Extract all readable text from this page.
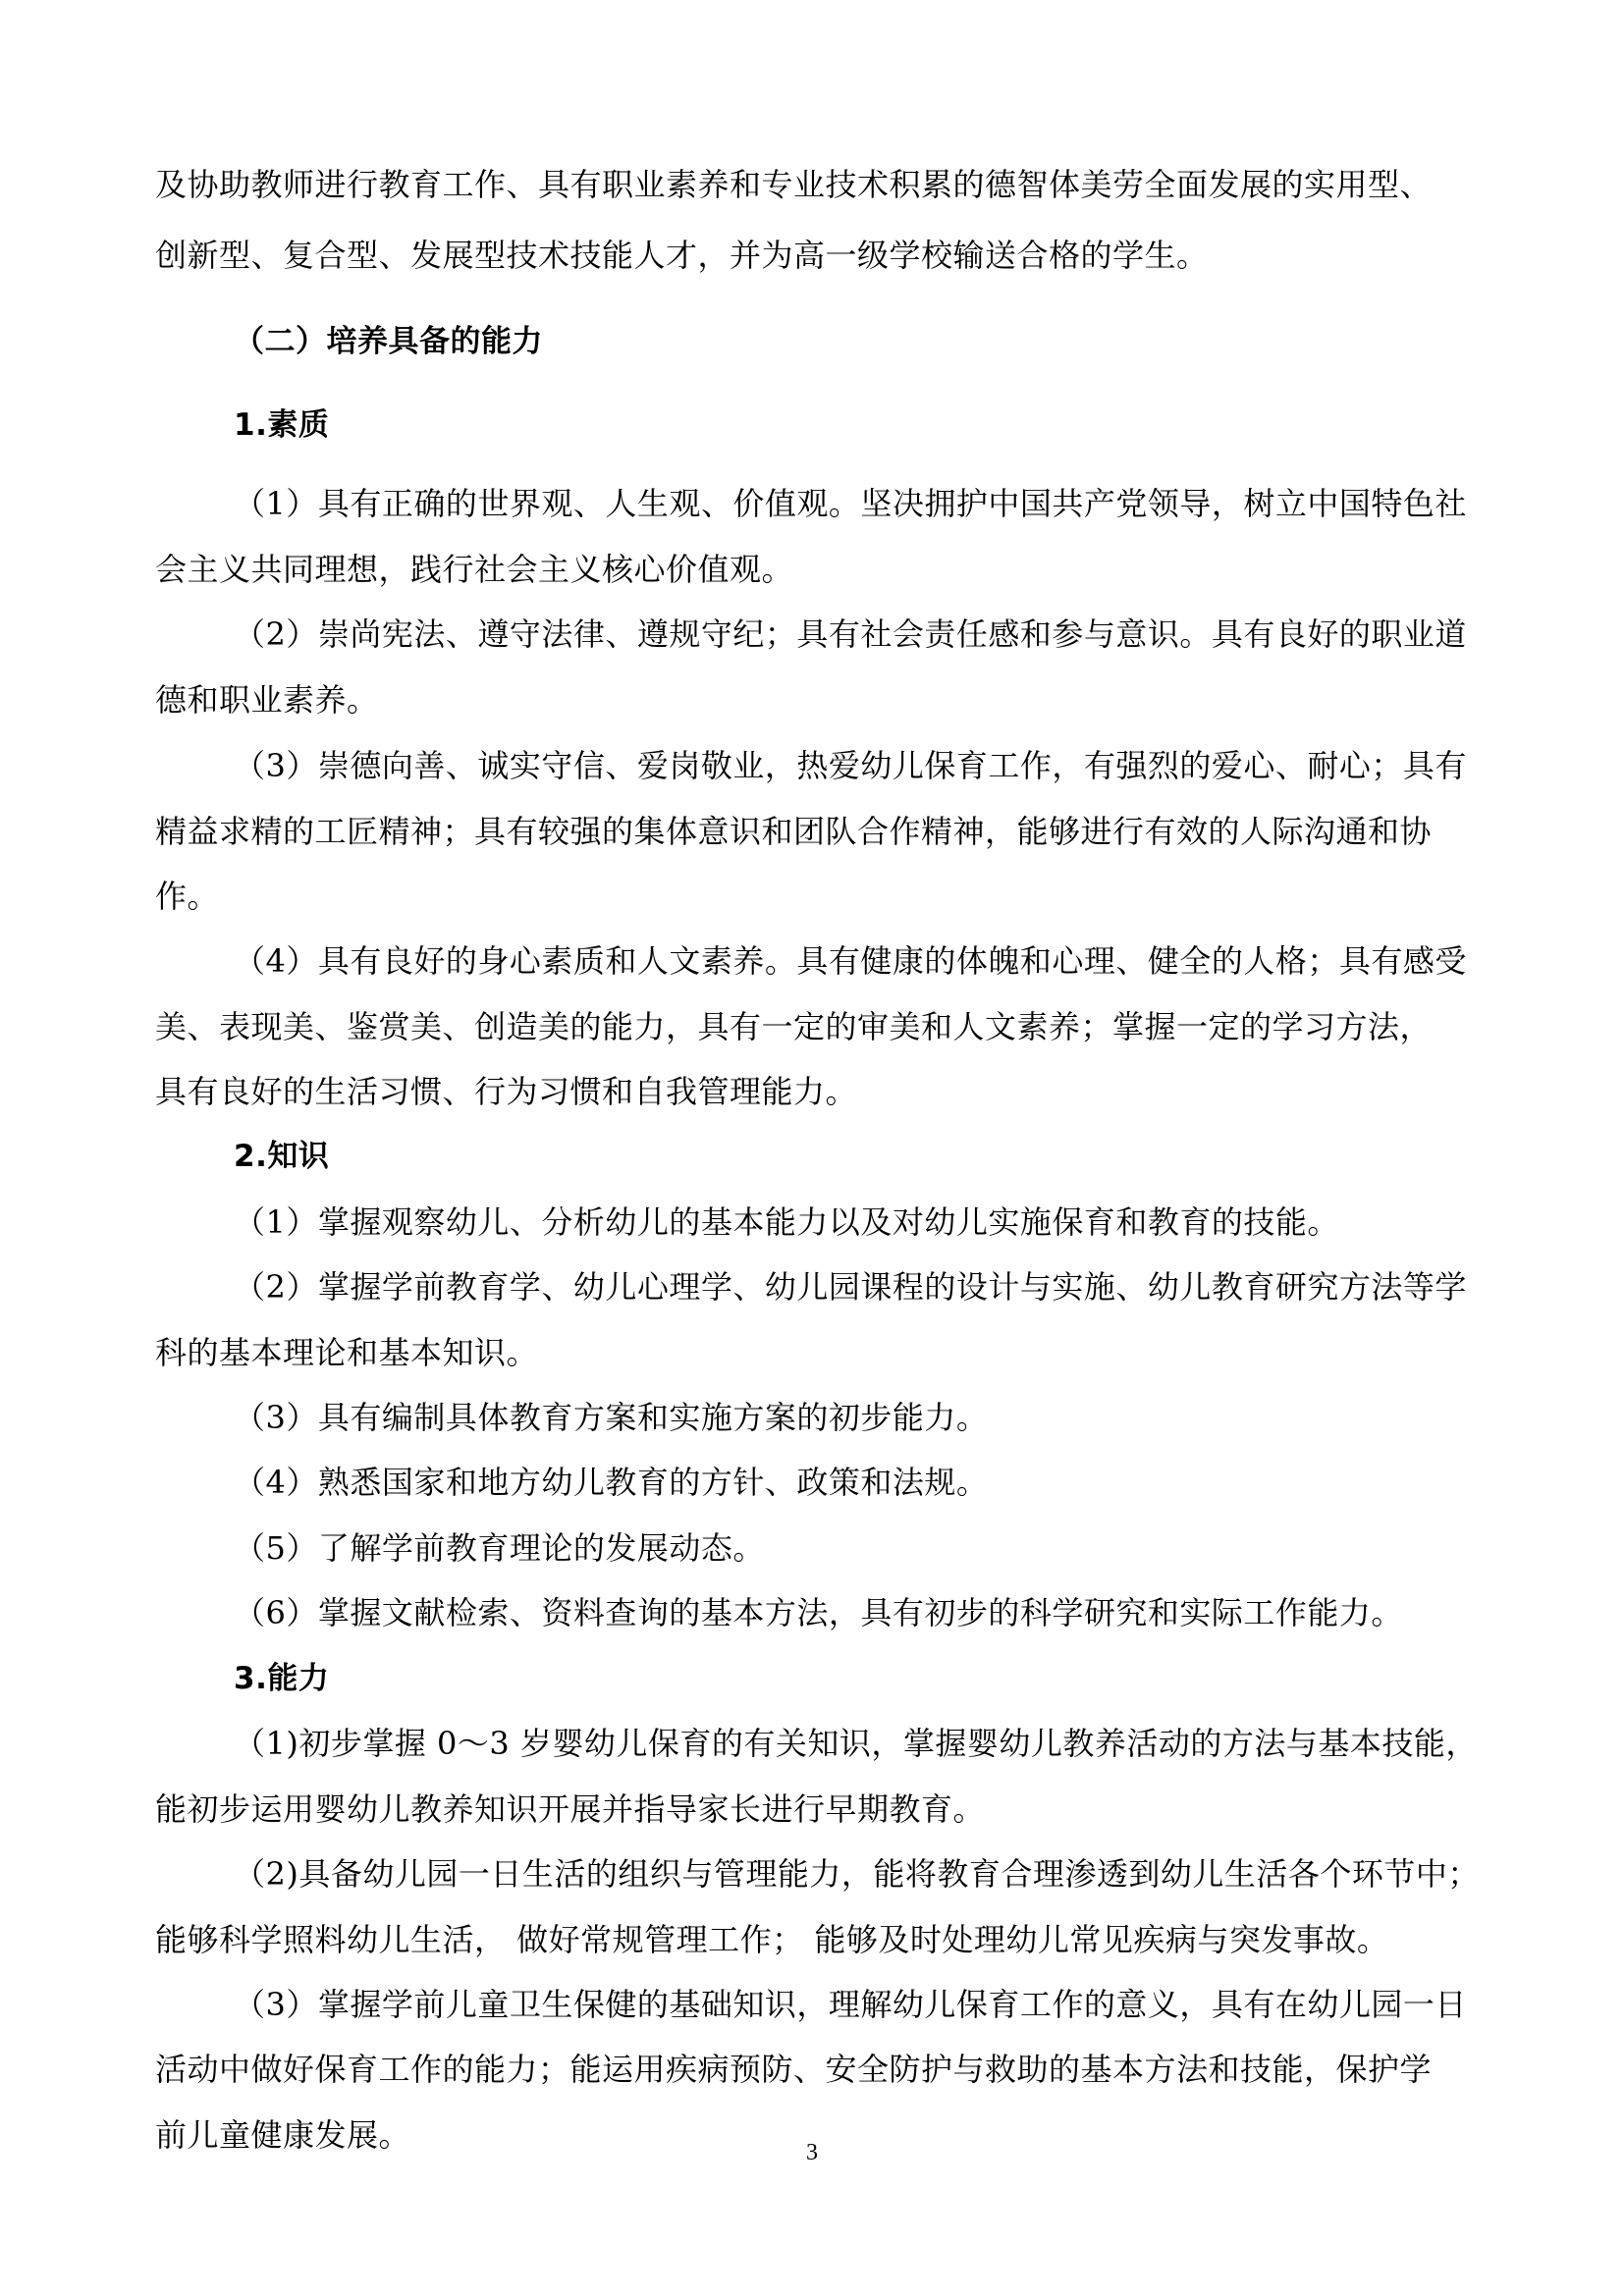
及协助教师进行教育工作、具有职业素养和专业技术积累的德智体美劳全面发展的实用型、
创新型、复合型、发展型技术技能人才，并为高一级学校输送合格的学生。
（二）培养具备的能力
1.素质
（1）具有正确的世界观、人生观、价值观。坚决拥护中国共产党领导，树立中国特色社
会主义共同理想，践行社会主义核心价值观。
（2）崇尚宪法、遵守法律、遵规守纪；具有社会责任感和参与意识。具有良好的职业道
德和职业素养。
（3）崇德向善、诚实守信、爱岗敬业，热爱幼儿保育工作，有强烈的爱心、耐心；具有
精益求精的工匠精神；具有较强的集体意识和团队合作精神，能够进行有效的人际沟通和协
作。
（4）具有良好的身心素质和人文素养。具有健康的体魄和心理、健全的人格；具有感受
美、表现美、鉴赏美、创造美的能力，具有一定的审美和人文素养；掌握一定的学习方法，
具有良好的生活习惯、行为习惯和自我管理能力。
2.知识
（1）掌握观察幼儿、分析幼儿的基本能力以及对幼儿实施保育和教育的技能。
（2）掌握学前教育学、幼儿心理学、幼儿园课程的设计与实施、幼儿教育研究方法等学
科的基本理论和基本知识。
（3）具有编制具体教育方案和实施方案的初步能力。
（4）熟悉国家和地方幼儿教育的方针、政策和法规。
（5）了解学前教育理论的发展动态。
（6）掌握文献检索、资料查询的基本方法，具有初步的科学研究和实际工作能力。
3.能力
（1)初步掌握 0～3 岁婴幼儿保育的有关知识，掌握婴幼儿教养活动的方法与基本技能，
能初步运用婴幼儿教养知识开展并指导家长进行早期教育。
（2)具备幼儿园一日生活的组织与管理能力，能将教育合理渗透到幼儿生活各个环节中；
能够科学照料幼儿生活， 做好常规管理工作； 能够及时处理幼儿常见疾病与突发事故。
（3）掌握学前儿童卫生保健的基础知识，理解幼儿保育工作的意义，具有在幼儿园一日
活动中做好保育工作的能力；能运用疾病预防、安全防护与救助的基本方法和技能，保护学
前儿童健康发展。	3
